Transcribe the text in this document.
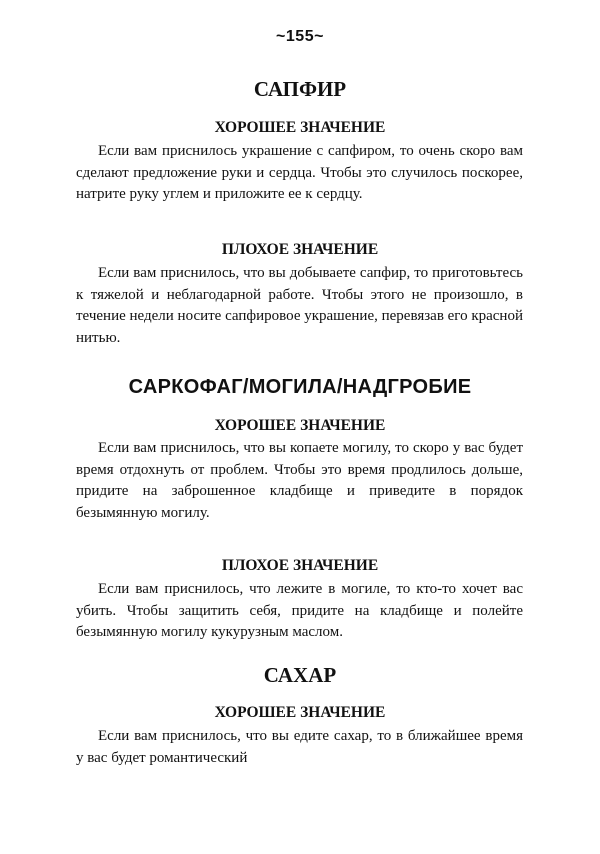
~155~
САПФИР
ХОРОШЕЕ ЗНАЧЕНИЕ

Если вам приснилось украшение с сапфиром, то очень скоро вам сделают предложение руки и сердца. Чтобы это случилось поскорее, натрите руку углем и приложите ее к сердцу.

ПЛОХОЕ ЗНАЧЕНИЕ

Если вам приснилось, что вы добываете сапфир, то приготовьтесь к тяжелой и неблагодарной работе. Чтобы этого не произошло, в течение недели носите сапфировое украшение, перевязав его красной нитью.

САРКОФАГ/МОГИЛА/НАДГРОБИЕ
ХОРОШЕЕ ЗНАЧЕНИЕ

Если вам приснилось, что вы копаете могилу, то скоро у вас будет время отдохнуть от проблем. Чтобы это время продлилось дольше, придите на заброшенное кладбище и приведите в порядок безымянную могилу.

ПЛОХОЕ ЗНАЧЕНИЕ

Если вам приснилось, что лежите в могиле, то кто-то хочет вас убить. Чтобы защитить себя, придите на кладбище и полейте безымянную могилу кукурузным маслом.

САХАР
ХОРОШЕЕ ЗНАЧЕНИЕ

Если вам приснилось, что вы едите сахар, то в ближайшее время у вас будет романтический
